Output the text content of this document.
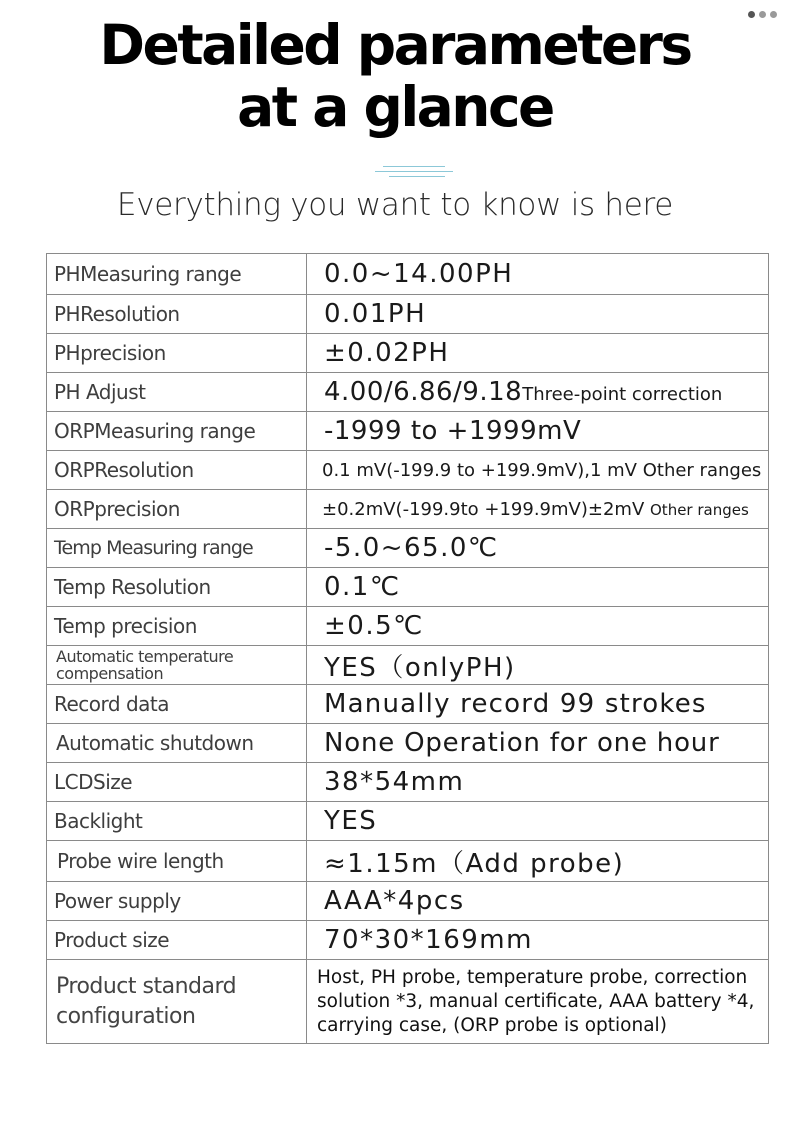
Detailed parameters
at a glance
Everything you want to know is here
PHMeasuring range	0.0~14.00PH
PHResolution	0.01PH
PHprecision	±0.02PH
PH Adjust	4.00/6.86/9.18Three-point correction
ORPMeasuring range	-1999 to +1999mV
ORPResolution	0.1 mV(-199.9 to +199.9mV),1 mV Other ranges
ORPprecision	±0.2mV(-199.9to +199.9mV)±2mV Other ranges
Temp Measuring range	-5.0~65.0℃
Temp Resolution	0.1℃
Temp precision	±0.5℃
Automatic temperature compensation	YES（onlyPH)
Record data	Manually record 99 strokes
Automatic shutdown	None Operation for one hour
LCDSize	38*54mm
Backlight	YES
Probe wire length	≈1.15m（Add probe)
Power supply	AAA*4pcs
Product size	70*30*169mm
Product standard configuration	Host, PH probe, temperature probe, correction solution *3, manual certificate, AAA battery *4, carrying case, (ORP probe is optional)
